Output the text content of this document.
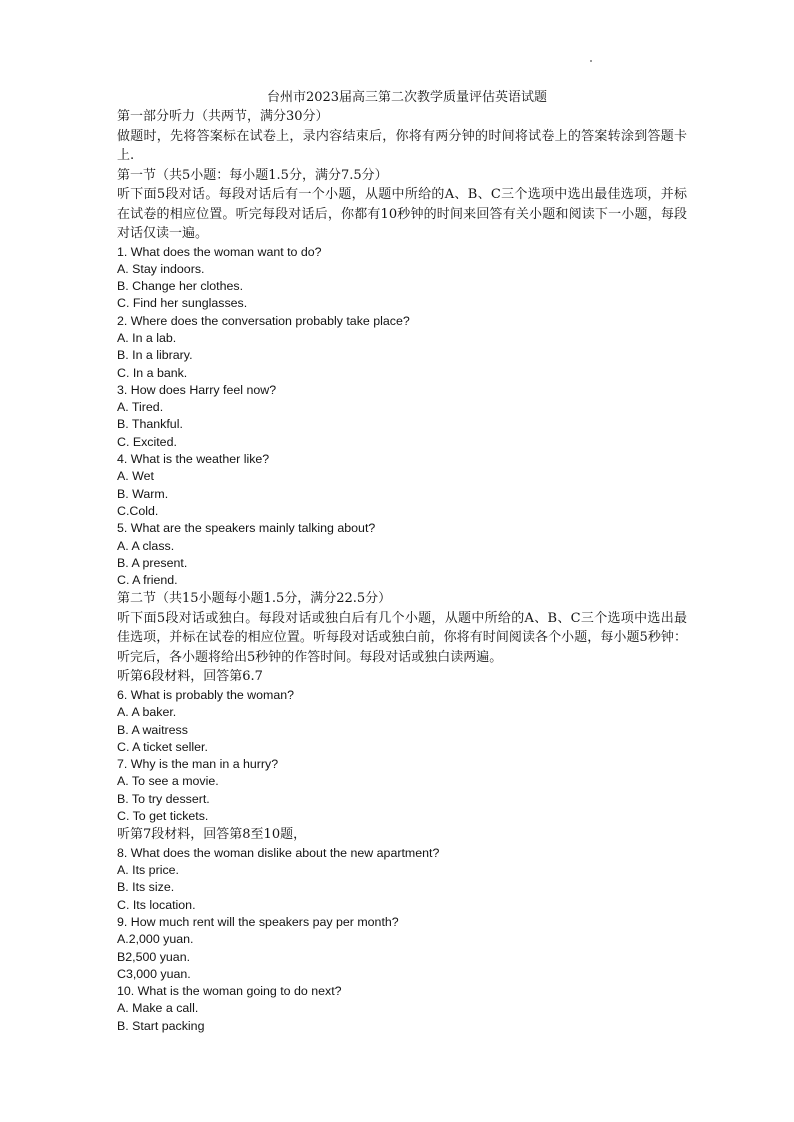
台州市2023届高三第二次教学质量评估英语试题

第一部分听力（共两节，满分30分）

做题时，先将答案标在试卷上，录内容结束后，你将有两分钟的时间将试卷上的答案转涂到答题卡上.

第一节（共5小题：每小题1.5分，满分7.5分）

听下面5段对话。每段对话后有一个小题，从题中所给的A、B、C三个选项中选出最佳选项，并标在试卷的相应位置。听完每段对话后，你都有10秒钟的时间来回答有关小题和阅读下一小题，每段对话仅读一遍。

1. What does the woman want to do?

A. Stay indoors.

B. Change her clothes.

C. Find her sunglasses.

2. Where does the conversation probably take place?

A. In a lab.

B. In a library.

C. In a bank.

3. How does Harry feel now?

A. Tired.

B. Thankful.

C. Excited.

4. What is the weather like?

A. Wet

B. Warm.

C.Cold.

5. What are the speakers mainly talking about?

A. A class.

B. A present.

C. A friend.

第二节（共15小题每小题1.5分，满分22.5分）

听下面5段对话或独白。每段对话或独白后有几个小题，从题中所给的A、B、C三个选项中选出最佳选项，并标在试卷的相应位置。听每段对话或独白前，你将有时间阅读各个小题，每小题5秒钟：听完后，各小题将给出5秒钟的作答时间。每段对话或独白读两遍。

听第6段材料，回答第6.7

6. What is probably the woman?

A. A baker.

B. A waitress

C. A ticket seller.

7. Why is the man in a hurry?

A. To see a movie.

B. To try dessert.

C. To get tickets.

听第7段材料，回答第8至10题，

8. What does the woman dislike about the new apartment?

A. Its price.

B. Its size.

C. Its location.

9. How much rent will the speakers pay per month?

A.2,000 yuan.

B2,500 yuan.

C3,000 yuan.

10. What is the woman going to do next?

A. Make a call.

B. Start packing
